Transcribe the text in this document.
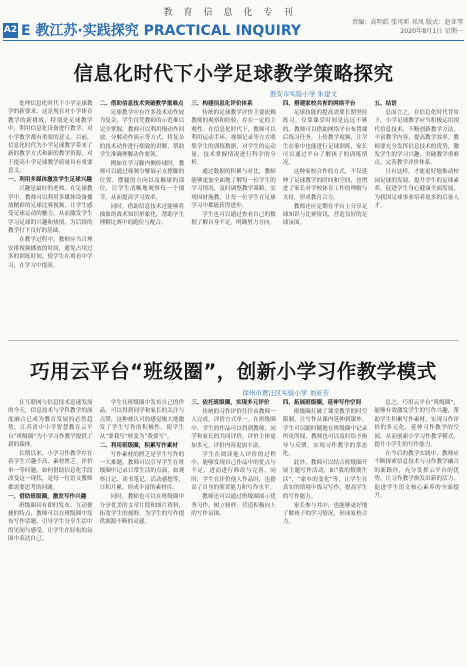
教育信息化专刊
A2 E 教江苏·实践探究 PRACTICAL INQUIRY
责编：高明皓 张可昕 祁凤 版式：赵亚琴
2020年8月1日 星期一
信息化时代下小学足球教学策略探究
淮安市实验小学 朱建文

处理信息化时代下小学足球教学的新要求，这是现在对小学体育教学的新挑战，特别是足球教学中，利用信息化设备进行教学，对小学教学都有重要的意义。目前，信息化时代为小学足球教学带来了新的教学方式和新的教学资源，对于提高小学足球教学质量具有重要意义。

一、利用多媒体激发学生足球兴趣

兴趣是最好的老师，在足球教学中，教师可以利用多媒体设备播放精彩的足球比赛视频，让学生感受足球运动的魅力，从而激发学生学习足球的兴趣和热情，为后续的教学打下良好的基础。

在教学过程中，教师应当合理安排视频播放的时间，避免占用过多的训练时间，使学生在观看中学习，在学习中提高。

二、借助信息技术突破教学重难点

足球教学中有许多技术动作较为复杂，学生仅凭教师的示范难以完全掌握。教师可以利用慢动作回放、分解动作演示等方式，将复杂的技术动作进行细致的讲解，帮助学生准确理解动作要领。

例如在学习脚内侧传球时，教师可以通过视频分解展示支撑脚的位置、摆腿的方向以及触球的部位，让学生清晰地观察每一个细节，从而提高学习效率。

同时，借助信息技术还能够将抽象的战术知识形象化，帮助学生理解比赛中的跑位与配合。

三、构建信息化评价体系

传统的足球教学评价主要依赖教师的观察和经验，存在一定的主观性。在信息化时代下，教师可以利用运动手环、视频记录等方式收集学生的训练数据，对学生的运动量、技术掌握情况进行科学的分析。

通过数据的积累与对比，教师能够更加全面地了解每一位学生的学习情况，及时调整教学策略，实现因材施教，让每一位学生在足球学习中都能获得进步。

学生也可以通过查看自己的数据了解自身不足，明确努力方向。

四、搭建家校共育的网络平台

足球技能的提高需要长期坚持练习，仅靠课堂时间是远远不够的。教师可以借助网络平台布置课后练习任务，上传教学视频，让学生在家中也能进行足球训练，家长可以通过平台了解孩子的训练情况。

这种家校合作的方式，不仅延伸了足球教学的时间和空间，也增进了家长对学校体育工作的理解与支持，形成教育合力。

教师还应定期在平台上分享足球知识与比赛资讯，营造良好的足球氛围。

五、结语

总而言之，在信息化时代背景下，小学足球教学应当积极运用现代信息技术，不断创新教学方法，丰富教学内容，提高教学效率。教师要充分发挥信息技术的优势，激发学生的学习兴趣，突破教学重难点，完善教学评价体系。

只有这样，才能更好地推动校园足球的发展，提升学生的足球素养，促进学生身心健康全面发展，为我国足球事业培养更多的后备人才。

巧用云平台“班级圈”，创新小学习作教学模式
徐州市贾汪区实验小学 刘亚芳

在互联网与信息技术迅速发展的今天，信息技术与学科教学的深度融合已成为教育发展的必然趋势。江苏省中小学智慧教育云平台“班级圈”为小学习作教学提供了新的载体。

长期以来，小学习作教学存在着学生兴趣不高、素材匮乏、评价单一等问题。如何借助信息化手段改变这一现状，是每一位语文教师都需要思考的问题。

一、借助班级圈，激发写作兴趣

班级圈具有即时发布、互动便捷的特点，教师可以在班级圈中发布写作话题，引导学生分享生活中的见闻与感受，让学生在轻松的氛围中表达自己。

学生在班级圈中发布自己的作品，可以得到同学和家长的关注与点赞，这种被认可的感觉极大地激发了学生写作的积极性，使学生从“要我写”转变为“我要写”。

二、利用班级圈，积累写作素材

写作素材的匮乏是学生写作的一大难题。教师可以引导学生在班级圈中记录日常生活的点滴，如观察日记、读书笔记、活动感想等，日积月累，形成丰富的素材库。

同时，教师也可以在班级圈中分享优美的文章片段和图片资料，拓宽学生的视野，为学生的写作提供源源不断的灵感。

三、依托班级圈，实现多元评价

传统的习作评价往往由教师一人完成，评价方式单一。在班级圈中，学生的作品可以得到教师、同学和家长的共同评价，评价主体更加多元，评价内容更加丰富。

学生在阅读他人评价的过程中，能够发现自己作品中的优点与不足，进而进行修改与完善。同时，学生在评价他人作品时，也提高了自身的鉴赏能力和写作水平。

教师还可以通过班级圈展示优秀习作，树立榜样，营造积极向上的写作氛围。

四、拓展班级圈，延伸写作空间

班级圈打破了课堂教学的时空限制，让写作从课内延伸到课外。学生可以随时随地在班级圈中记录所见所闻，教师也可以及时给予指导与反馈，实现习作教学的常态化。

此外，教师可以结合班级圈开展主题写作活动，如“我的假期生活”、“家乡的变化”等，让学生在真实的情境中练习写作，提高学生的写作能力。

家长参与其中，也能够更好地了解孩子的学习情况，形成家校合力。

总之，巧用云平台“班级圈”，能够有效激发学生的写作兴趣，帮助学生积累写作素材，实现习作评价的多元化，延伸习作教学的空间，从而创新小学习作教学模式，提升小学生的写作能力。

在今后的教学实践中，教师应不断探索信息技术与习作教学融合的新路径，充分发挥云平台的优势，让习作教学焕发出新的活力，促进学生语文核心素养的全面提升。
